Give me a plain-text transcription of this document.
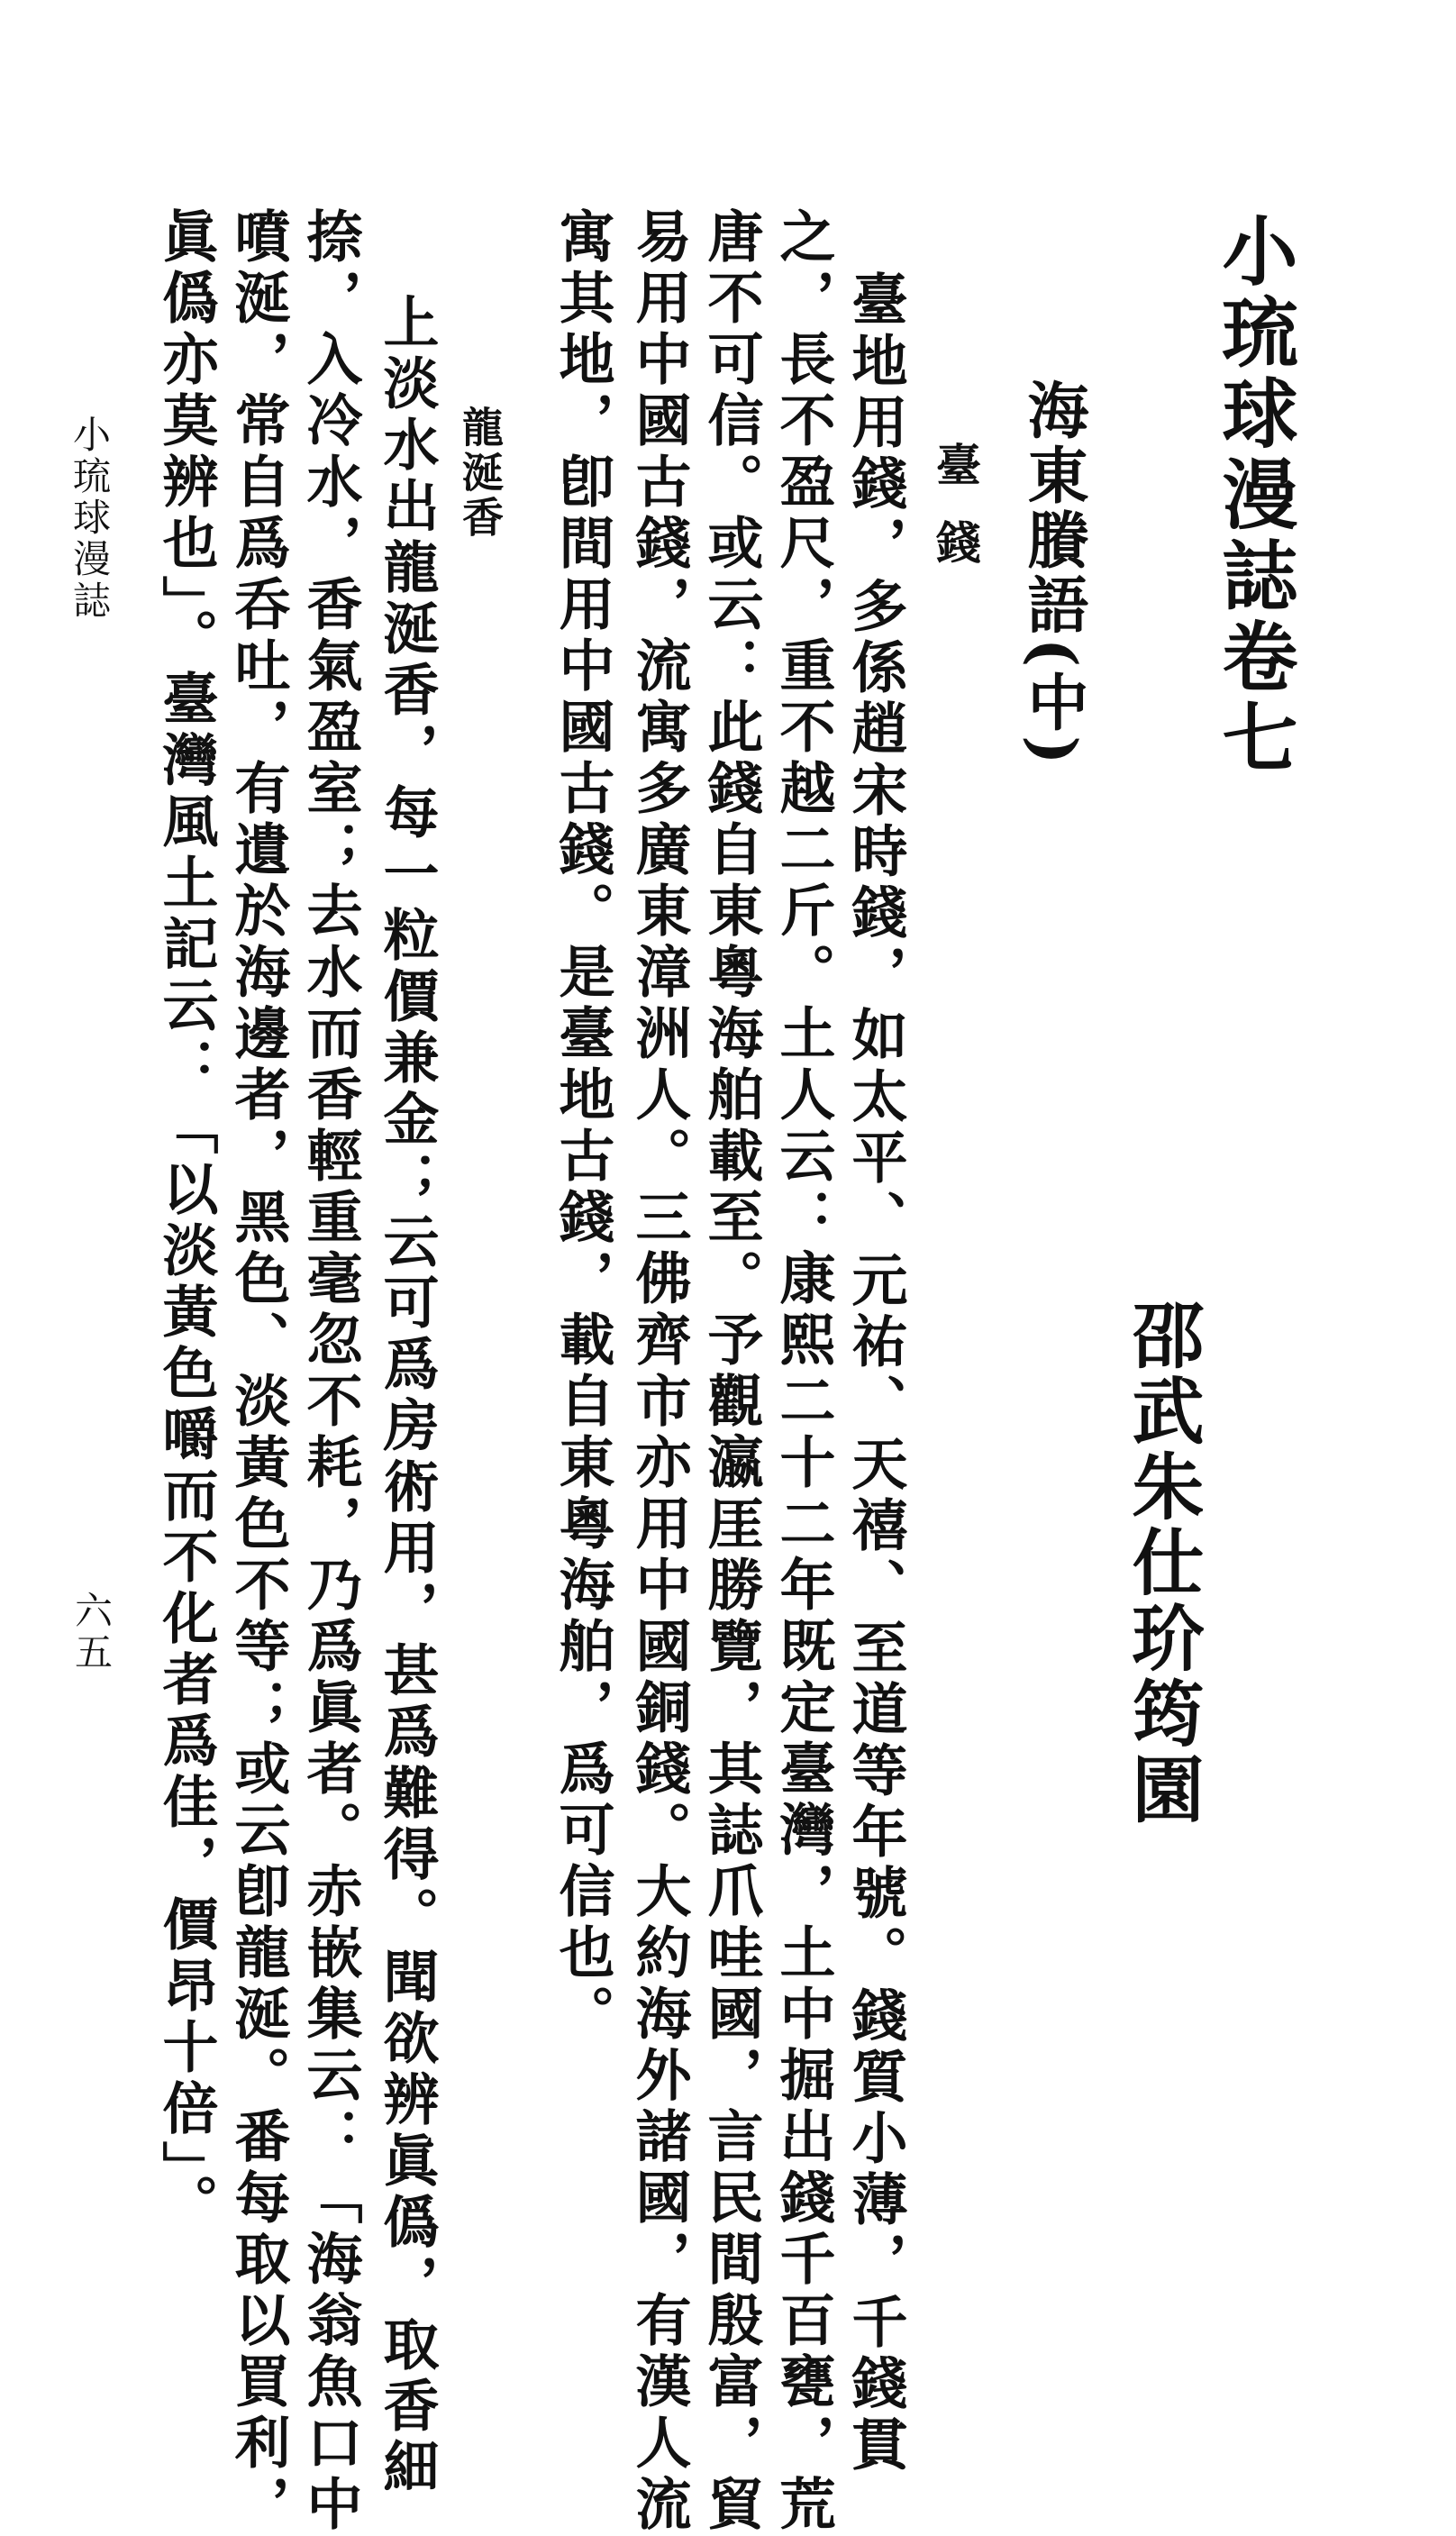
小琉球漫誌卷七
邵武朱仕玠筠園
海東賸語(中)
臺錢
臺地用錢，多係趙宋時錢，如太平、元祐、天禧、至道等年號。錢質小薄，千錢貫
之，長不盈尺，重不越二斤。土人云：康熙二十二年既定臺灣，土中掘出錢千百甕，荒
唐不可信。或云：此錢自東粵海舶載至。予觀瀛厓勝覽，其誌爪哇國，言民間殷富，貿
易用中國古錢，流寓多廣東漳洲人。三佛齊市亦用中國銅錢。大約海外諸國，有漢人流
寓其地，卽間用中國古錢。是臺地古錢，載自東粵海舶，爲可信也。
龍涎香
上淡水出龍涎香，每一粒價兼金；云可爲房術用，甚爲難得。聞欲辨眞僞，取香細
捺，入冷水，香氣盈室；去水而香輕重毫忽不耗，乃爲眞者。赤嵌集云：「海翁魚口中
噴涎，常自爲呑吐，有遺於海邊者，黑色、淡黃色不等；或云卽龍涎。番每取以買利，
眞僞亦莫辨也」。臺灣風土記云：「以淡黃色嚼而不化者爲佳，價昂十倍」。
小琉球漫誌
六五
